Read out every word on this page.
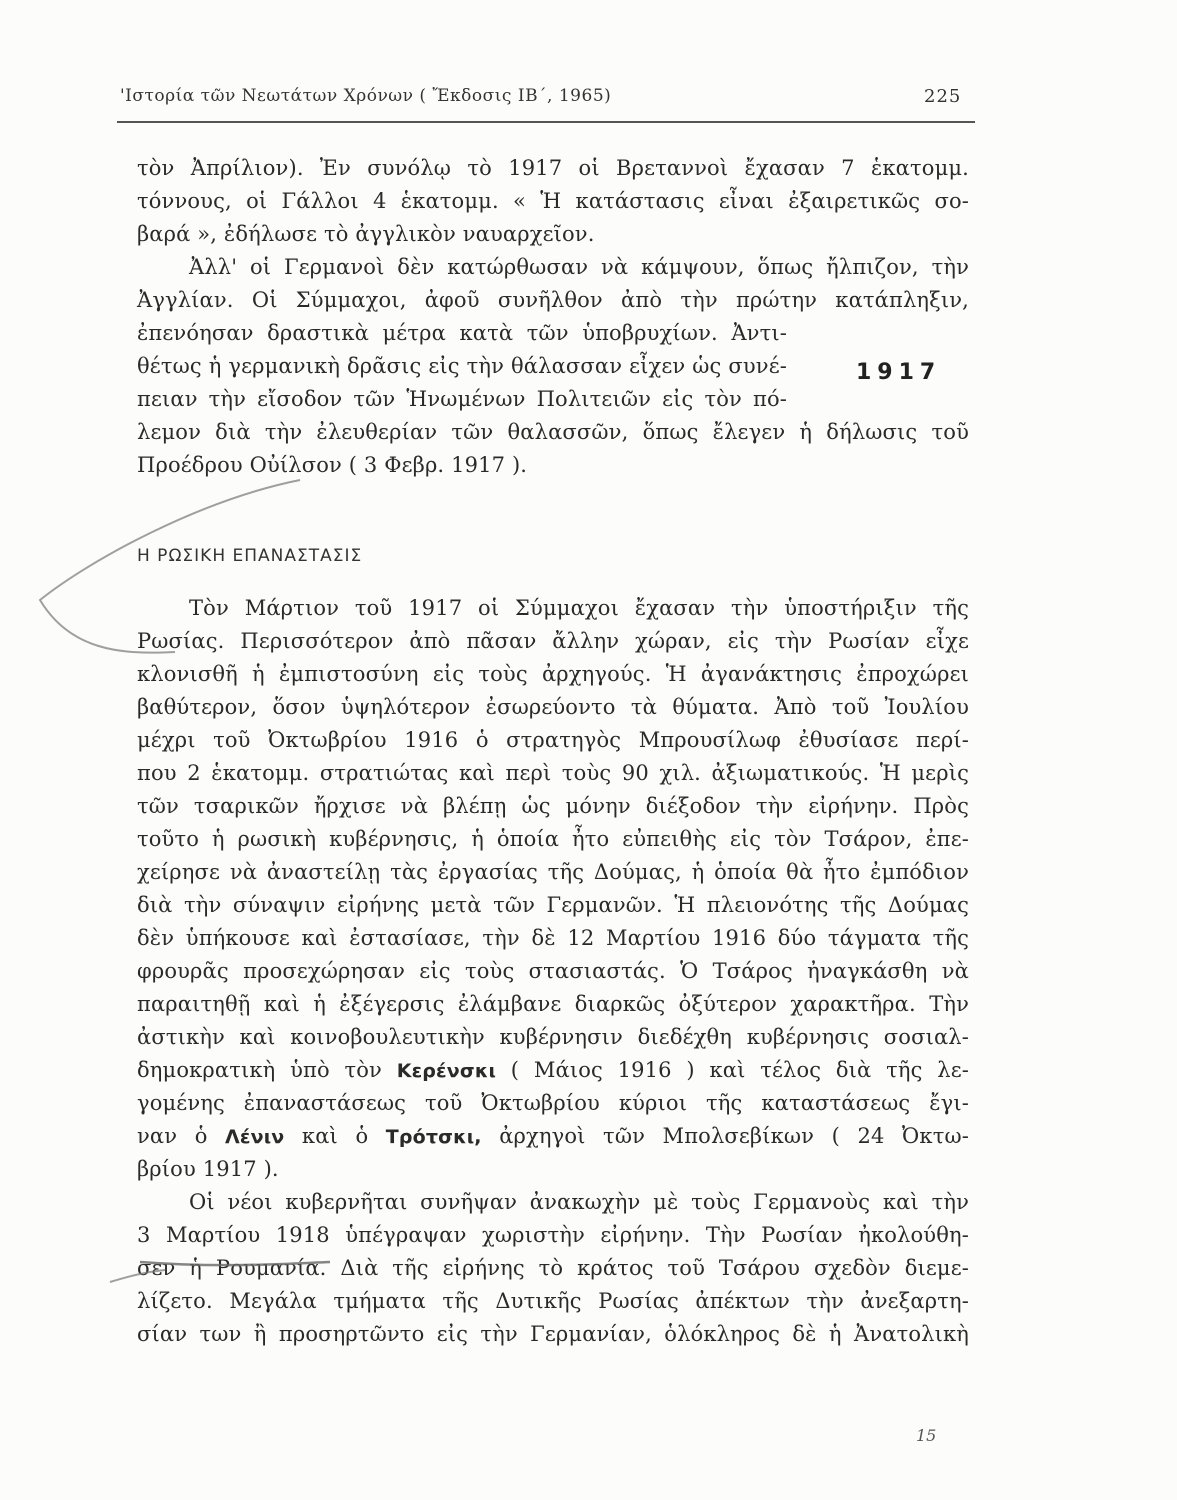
'Ιστορία τῶν Νεωτάτων Χρόνων ( Ἔκδοσις ΙΒ΄, 1965)	225
τὸν Ἀπρίλιον). Ἐν συνόλῳ τὸ 1917 οἱ Βρεταννοὶ ἔχασαν 7 ἑκατομμ.
τόννους, οἱ Γάλλοι 4 ἑκατομμ. « Ἡ κατάστασις εἶναι ἐξαιρετικῶς σο-
βαρά », ἐδήλωσε τὸ ἀγγλικὸν ναυαρχεῖον.
Ἀλλ' οἱ Γερμανοὶ δὲν κατώρθωσαν νὰ κάμψουν, ὅπως ἤλπιζον, τὴν
Ἀγγλίαν. Οἱ Σύμμαχοι, ἀφοῦ συνῆλθον ἀπὸ τὴν πρώτην κατάπληξιν,
ἐπενόησαν δραστικὰ μέτρα κατὰ τῶν ὑποβρυχίων. Ἀντι-
θέτως ἡ γερμανικὴ δρᾶσις εἰς τὴν θάλασσαν εἶχεν ὡς συνέ-
πειαν τὴν εἴσοδον τῶν Ἡνωμένων Πολιτειῶν εἰς τὸν πό-
λεμον διὰ τὴν ἐλευθερίαν τῶν θαλασσῶν, ὅπως ἔλεγεν ἡ δήλωσις τοῦ
Προέδρου Οὐίλσον ( 3 Φεβρ. 1917 ).
1917
Η ΡΩΣΙΚΗ ΕΠΑΝΑΣΤΑΣΙΣ
Τὸν Μάρτιον τοῦ 1917 οἱ Σύμμαχοι ἔχασαν τὴν ὑποστήριξιν τῆς
Ρωσίας. Περισσότερον ἀπὸ πᾶσαν ἄλλην χώραν, εἰς τὴν Ρωσίαν εἶχε
κλονισθῆ ἡ ἐμπιστοσύνη εἰς τοὺς ἀρχηγούς. Ἡ ἀγανάκτησις ἐπροχώρει
βαθύτερον, ὅσον ὑψηλότερον ἐσωρεύοντο τὰ θύματα. Ἀπὸ τοῦ Ἰουλίου
μέχρι τοῦ Ὀκτωβρίου 1916 ὁ στρατηγὸς Μπρουσίλωφ ἐθυσίασε περί-
που 2 ἑκατομμ. στρατιώτας καὶ περὶ τοὺς 90 χιλ. ἀξιωματικούς. Ἡ μερὶς
τῶν τσαρικῶν ἤρχισε νὰ βλέπῃ ὡς μόνην διέξοδον τὴν εἰρήνην. Πρὸς
τοῦτο ἡ ρωσικὴ κυβέρνησις, ἡ ὁποία ἦτο εὐπειθὴς εἰς τὸν Τσάρον, ἐπε-
χείρησε νὰ ἀναστείλῃ τὰς ἐργασίας τῆς Δούμας, ἡ ὁποία θὰ ἦτο ἐμπόδιον
διὰ τὴν σύναψιν εἰρήνης μετὰ τῶν Γερμανῶν. Ἡ πλειονότης τῆς Δούμας
δὲν ὑπήκουσε καὶ ἐστασίασε, τὴν δὲ 12 Μαρτίου 1916 δύο τάγματα τῆς
φρουρᾶς προσεχώρησαν εἰς τοὺς στασιαστάς. Ὁ Τσάρος ἠναγκάσθη νὰ
παραιτηθῇ καὶ ἡ ἐξέγερσις ἐλάμβανε διαρκῶς ὀξύτερον χαρακτῆρα. Τὴν
ἀστικὴν καὶ κοινοβουλευτικὴν κυβέρνησιν διεδέχθη κυβέρνησις σοσιαλ-
δημοκρατικὴ ὑπὸ τὸν Κερένσκι ( Μάιος 1916 ) καὶ τέλος διὰ τῆς λε-
γομένης ἐπαναστάσεως τοῦ Ὀκτωβρίου κύριοι τῆς καταστάσεως ἔγι-
ναν ὁ Λένιν καὶ ὁ Τρότσκι, ἀρχηγοὶ τῶν Μπολσεβίκων ( 24 Ὀκτω-
βρίου 1917 ).
Οἱ νέοι κυβερνῆται συνῆψαν ἀνακωχὴν μὲ τοὺς Γερμανοὺς καὶ τὴν
3 Μαρτίου 1918 ὑπέγραψαν χωριστὴν εἰρήνην. Τὴν Ρωσίαν ἠκολούθη-
σεν ἡ Ρουμανία. Διὰ τῆς εἰρήνης τὸ κράτος τοῦ Τσάρου σχεδὸν διεμε-
λίζετο. Μεγάλα τμήματα τῆς Δυτικῆς Ρωσίας ἀπέκτων τὴν ἀνεξαρτη-
σίαν των ἢ προσηρτῶντο εἰς τὴν Γερμανίαν, ὁλόκληρος δὲ ἡ Ἀνατολικὴ
15
